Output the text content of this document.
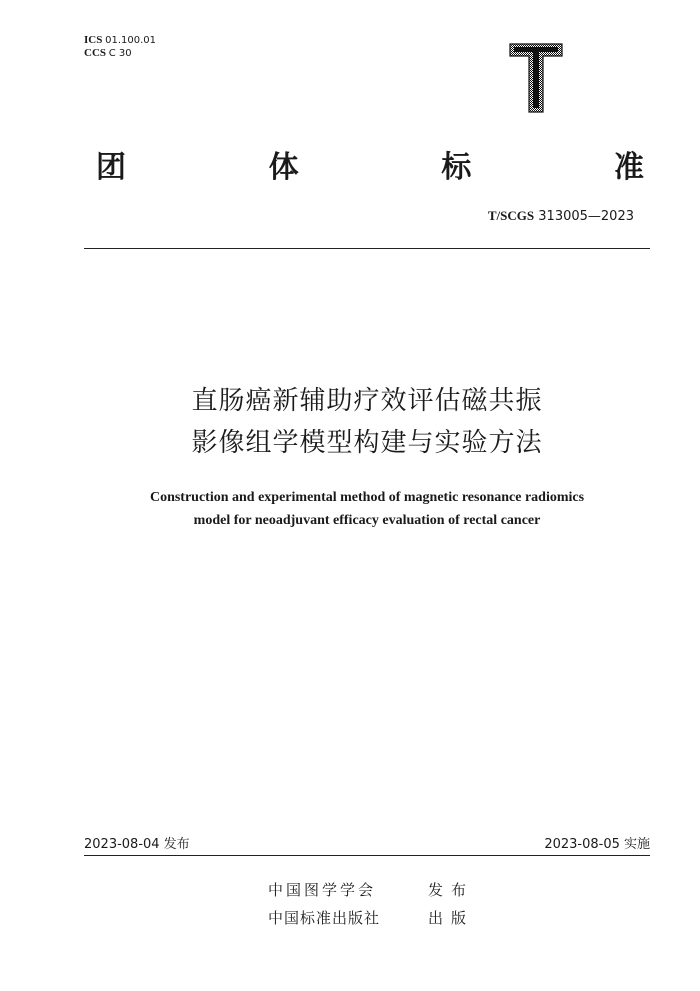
ICS 01.100.01
CCS C 30
T
团	体	标	准
T/SCGS 313005—2023
直肠癌新辅助疗效评估磁共振
影像组学模型构建与实验方法
Construction and experimental method of magnetic resonance radiomics
model for neoadjuvant efficacy evaluation of rectal cancer
2023-08-04 发布	2023-08-05 实施
中国图学学会	发布
中国标准出版社	出版
